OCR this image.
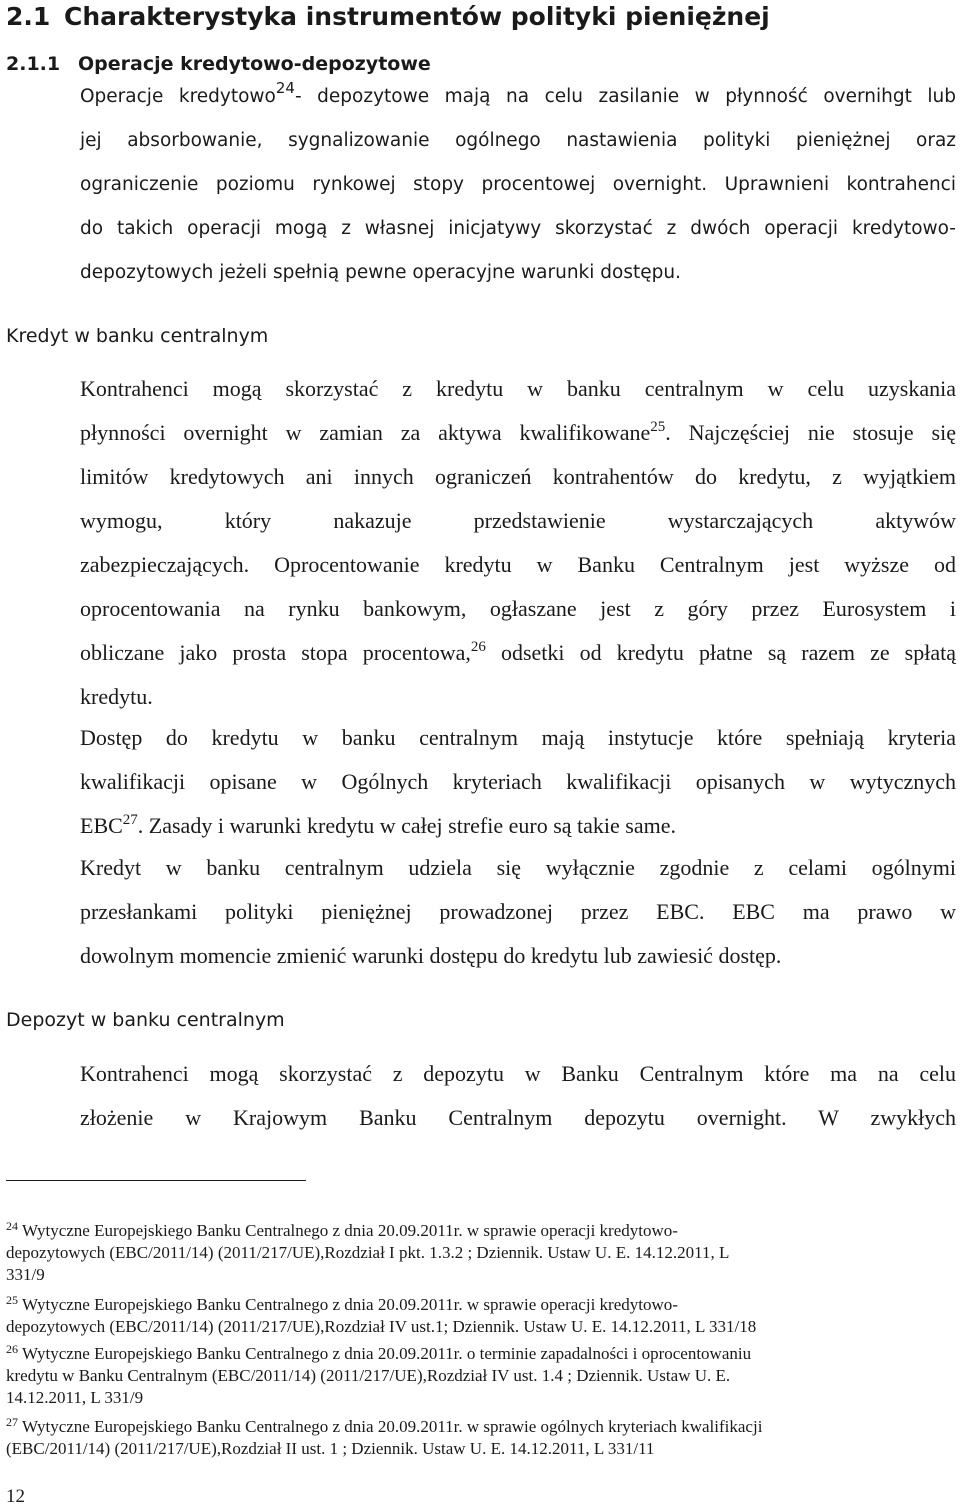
2.1 Charakterystyka instrumentów polityki pieniężnej
2.1.1 Operacje kredytowo-depozytowe
Operacje kredytowo$^{24}$- depozytowe mają na celu zasilanie w płynność overnihgt lub
jej absorbowanie, sygnalizowanie ogólnego nastawienia polityki pieniężnej oraz
ograniczenie poziomu rynkowej stopy procentowej overnight. Uprawnieni kontrahenci
do takich operacji mogą z własnej inicjatywy skorzystać z dwóch operacji kredytowo-
depozytowych jeżeli spełnią pewne operacyjne warunki dostępu.
Kredyt w banku centralnym
Kontrahenci mogą skorzystać z kredytu w banku centralnym w celu uzyskania
płynności overnight w zamian za aktywa kwalifikowane$^{25}$. Najczęściej nie stosuje się
limitów kredytowych ani innych ograniczeń kontrahentów do kredytu, z wyjątkiem
wymogu, który nakazuje przedstawienie wystarczających aktywów
zabezpieczających. Oprocentowanie kredytu w Banku Centralnym jest wyższe od
oprocentowania na rynku bankowym, ogłaszane jest z góry przez Eurosystem i
obliczane jako prosta stopa procentowa,$^{26}$ odsetki od kredytu płatne są razem ze spłatą
kredytu.
Dostęp do kredytu w banku centralnym mają instytucje które spełniają kryteria
kwalifikacji opisane w Ogólnych kryteriach kwalifikacji opisanych w wytycznych
EBC$^{27}$. Zasady i warunki kredytu w całej strefie euro są takie same.
Kredyt w banku centralnym udziela się wyłącznie zgodnie z celami ogólnymi
przesłankami polityki pieniężnej prowadzonej przez EBC. EBC ma prawo w
dowolnym momencie zmienić warunki dostępu do kredytu lub zawiesić dostęp.
Depozyt w banku centralnym
Kontrahenci mogą skorzystać z depozytu w Banku Centralnym które ma na celu
złożenie w Krajowym Banku Centralnym depozytu overnight. W zwykłych
$^{24}$ Wytyczne Europejskiego Banku Centralnego z dnia 20.09.2011r. w sprawie operacji kredytowo-
depozytowych (EBC/2011/14) (2011/217/UE),Rozdział I pkt. 1.3.2 ; Dziennik. Ustaw U. E. 14.12.2011, L
331/9
$^{25}$ Wytyczne Europejskiego Banku Centralnego z dnia 20.09.2011r. w sprawie operacji kredytowo-
depozytowych (EBC/2011/14) (2011/217/UE),Rozdział IV ust.1; Dziennik. Ustaw U. E. 14.12.2011, L 331/18
$^{26}$ Wytyczne Europejskiego Banku Centralnego z dnia 20.09.2011r. o terminie zapadalności i oprocentowaniu
kredytu w Banku Centralnym (EBC/2011/14) (2011/217/UE),Rozdział IV ust. 1.4 ; Dziennik. Ustaw U. E.
14.12.2011, L 331/9
$^{27}$ Wytyczne Europejskiego Banku Centralnego z dnia 20.09.2011r. w sprawie ogólnych kryteriach kwalifikacji
(EBC/2011/14) (2011/217/UE),Rozdział II ust. 1 ; Dziennik. Ustaw U. E. 14.12.2011, L 331/11
12
